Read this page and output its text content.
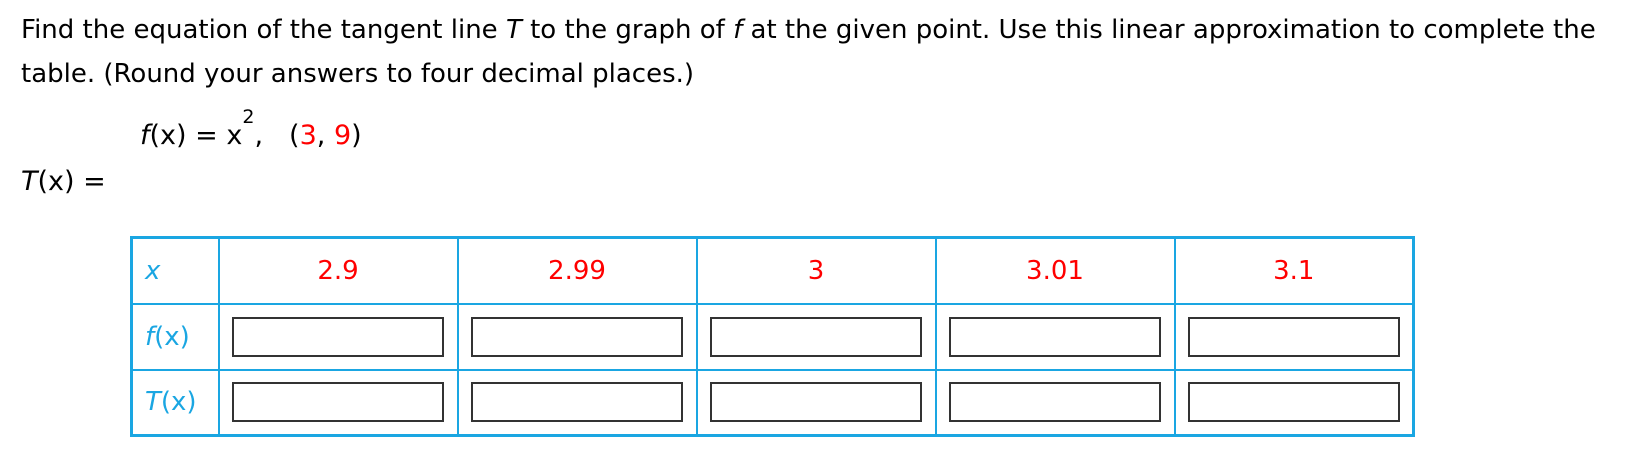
Find the equation of the tangent line T to the graph of f at the given point. Use this linear approximation to complete the table. (Round your answers to four decimal places.)
$f(x) = x^2$, (3, 9)
T(x) =
x	2.9	2.99	3	3.01	3.1
f(x)	

T(x)	
